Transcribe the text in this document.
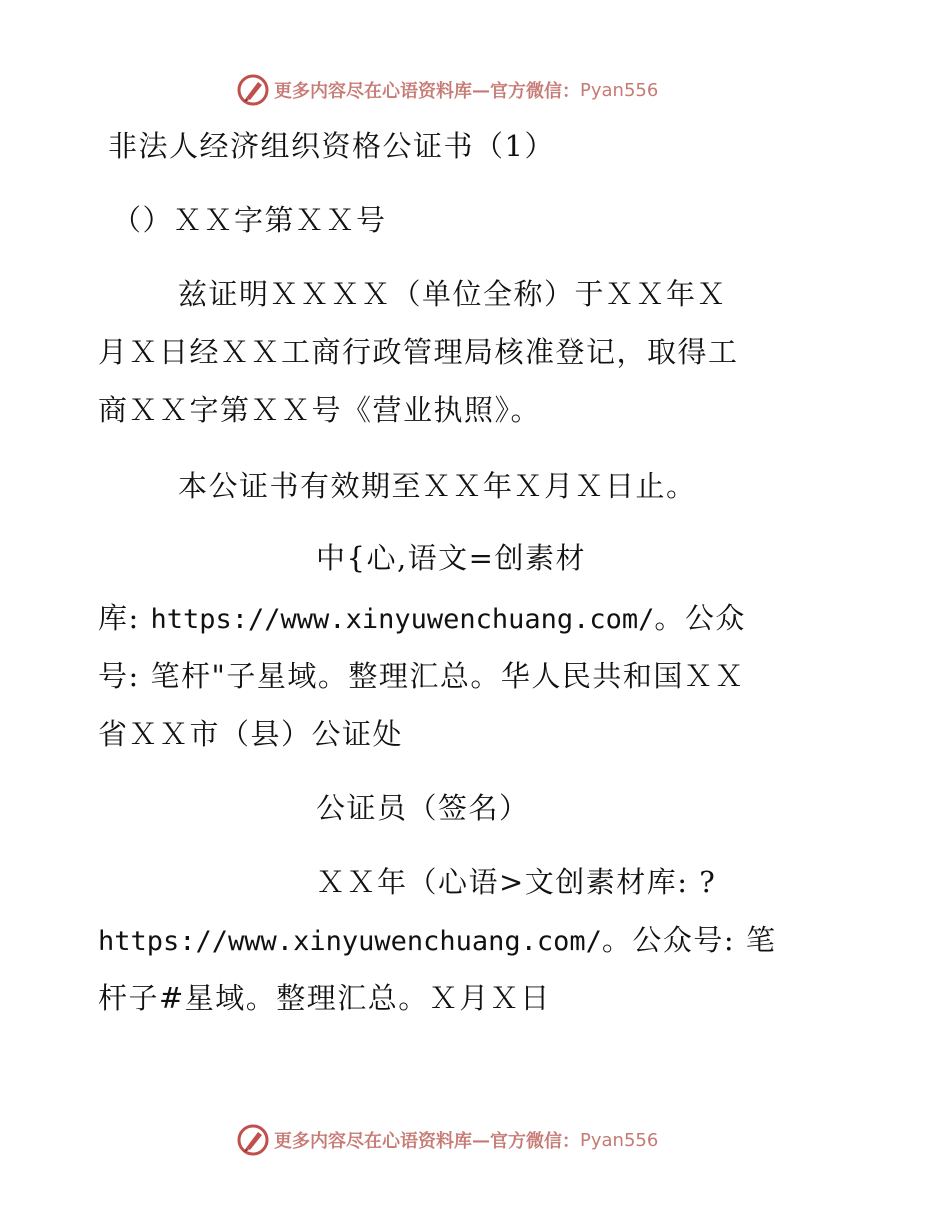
更多内容尽在心语资料库 — 官方微信： Pyan556
非法人经济组织资格公证书（1）
（）ＸＸ字第ＸＸ号
兹证明ＸＸＸＸ（单位全称）于ＸＸ年Ｘ
月Ｘ日经ＸＸ工商行政管理局核准登记，取得工
商ＸＸ字第ＸＸ号《营业执照》。
本公证书有效期至ＸＸ年Ｘ月Ｘ日止。
中{心,语文=创素材
库: https://www.xinyuwenchuang.com/。公众
号: 笔杆"子星域。整理汇总。华人民共和国ＸＸ
省ＸＸ市（县）公证处
公证员（签名）
ＸＸ年（心语>文创素材库: ?
https://www.xinyuwenchuang.com/。公众号: 笔
杆子#星域。整理汇总。Ｘ月Ｘ日
更多内容尽在心语资料库 — 官方微信： Pyan556
